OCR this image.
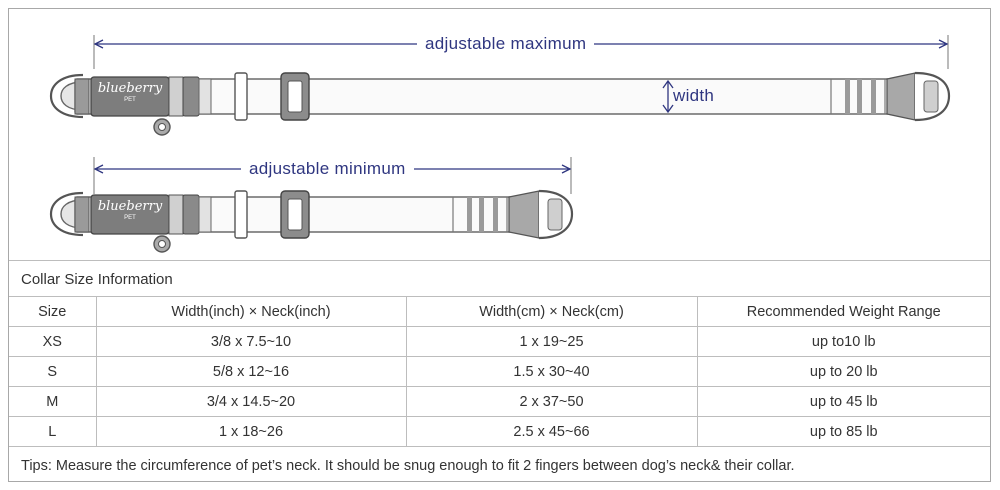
blueberry
PET
blueberry
PET
adjustable maximum
adjustable minimum
width
Collar Size Information
Size	Width(inch) × Neck(inch)	Width(cm) × Neck(cm)	Recommended Weight Range
XS	3/8 x 7.5~10	1 x 19~25	up to10 lb
S	5/8 x 12~16	1.5 x 30~40	up to 20 lb
M	3/4 x 14.5~20	2 x 37~50	up to 45 lb
L	1 x 18~26	2.5 x 45~66	up to 85 lb
Tips: Measure the circumference of pet’s neck. It should be snug enough to fit 2 fingers between dog’s neck& their collar.
